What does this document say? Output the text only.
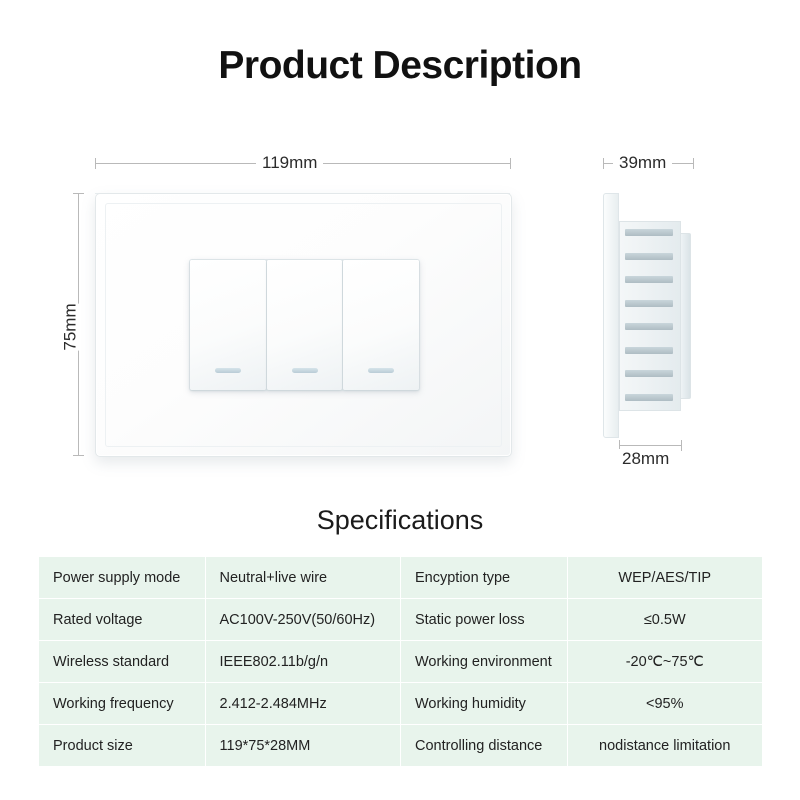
Product Description
119mm
75mm
39mm
28mm
Specifications
Power supply mode	Neutral+live wire	Encyption type	WEP/AES/TIP
Rated voltage	AC100V-250V(50/60Hz)	Static power loss	≤0.5W
Wireless standard	IEEE802.11b/g/n	Working environment	-20℃~75℃
Working frequency	2.412-2.484MHz	Working humidity	<95%
Product size	119*75*28MM	Controlling distance	nodistance limitation
